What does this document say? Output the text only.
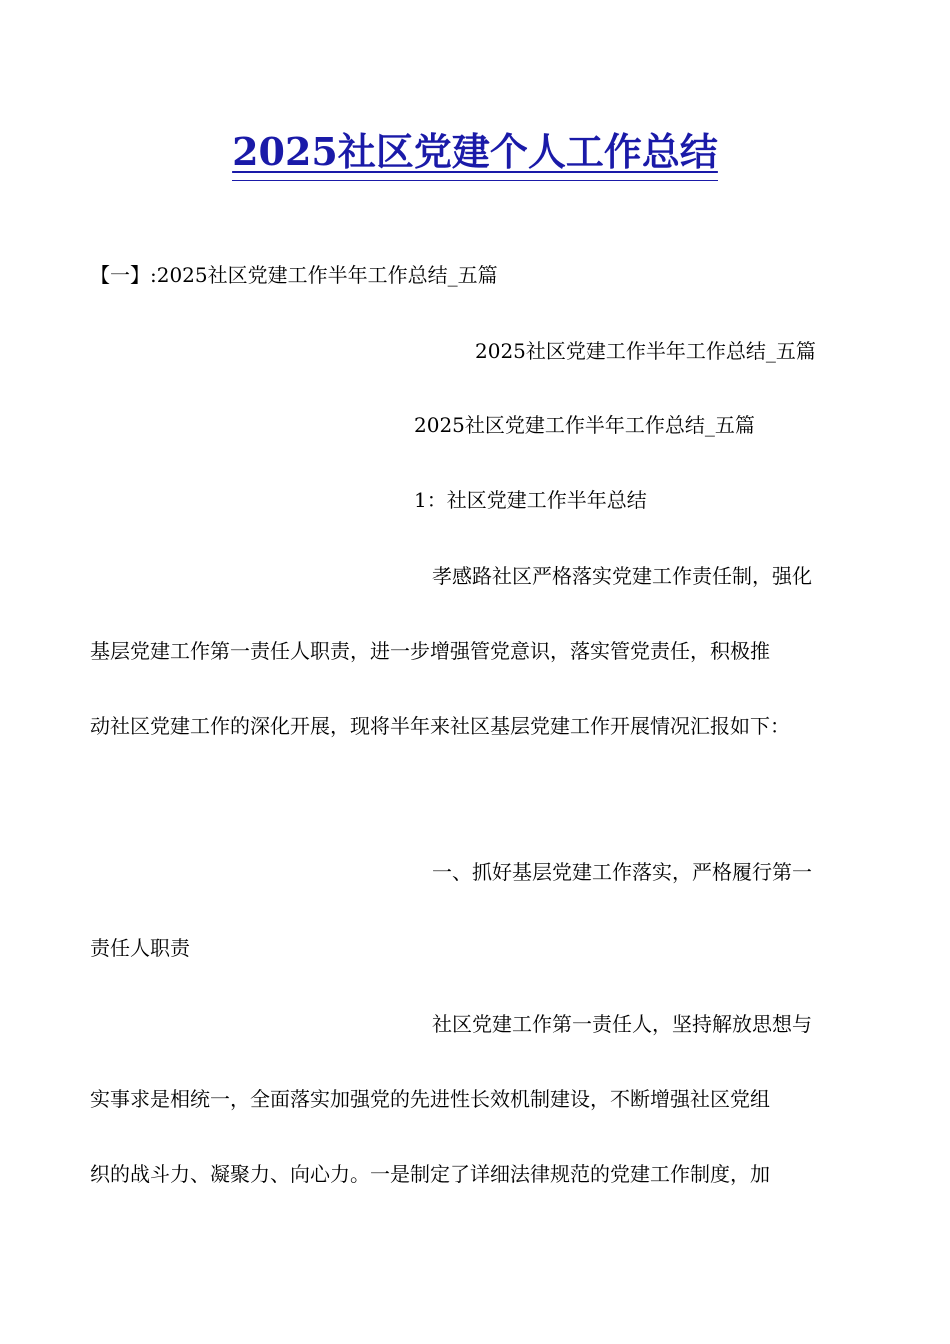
2025社区党建个人工作总结
【一】:2025社区党建工作半年工作总结_五篇
2025社区党建工作半年工作总结_五篇
2025社区党建工作半年工作总结_五篇
1：社区党建工作半年总结
孝感路社区严格落实党建工作责任制，强化
基层党建工作第一责任人职责，进一步增强管党意识，落实管党责任，积极推
动社区党建工作的深化开展，现将半年来社区基层党建工作开展情况汇报如下：
一、抓好基层党建工作落实，严格履行第一
责任人职责
社区党建工作第一责任人，坚持解放思想与
实事求是相统一，全面落实加强党的先进性长效机制建设，不断增强社区党组
织的战斗力、凝聚力、向心力。一是制定了详细法律规范的党建工作制度，加
